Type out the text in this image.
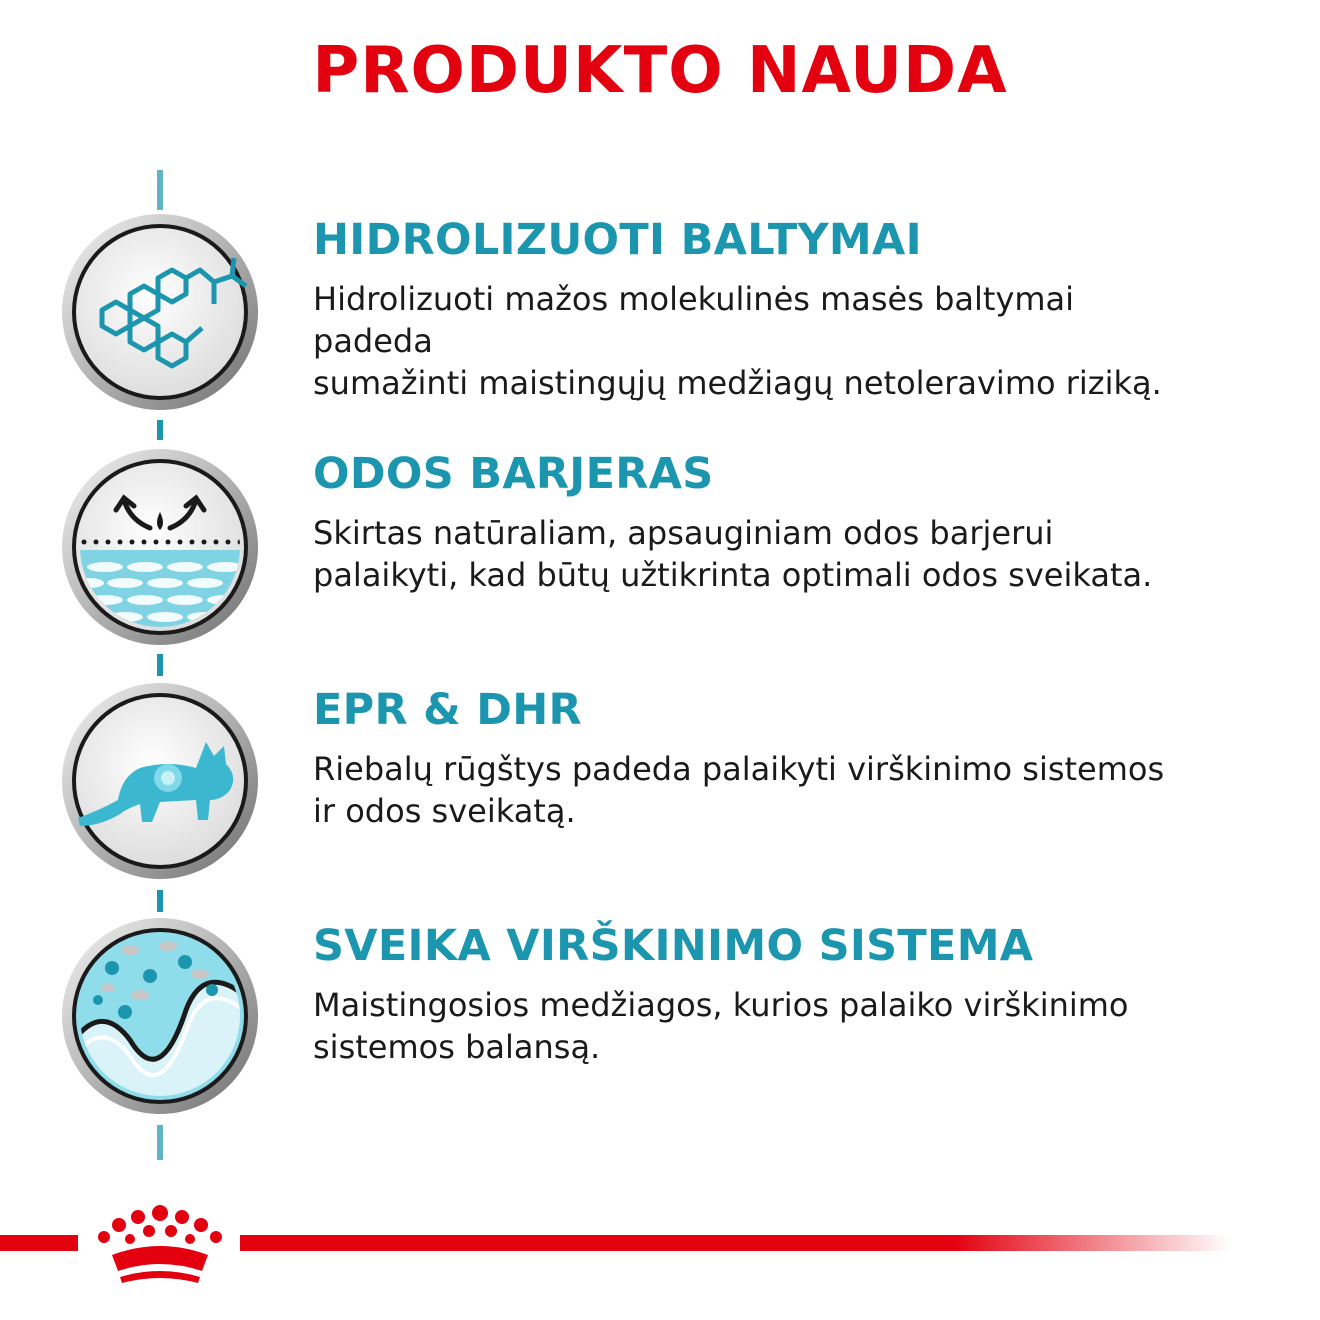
PRODUKTO NAUDA
HIDROLIZUOTI BALTYMAI

Hidrolizuoti mažos molekulinės masės baltymai
padeda
sumažinti maistingųjų medžiagų netoleravimo riziką.

ODOS BARJERAS

Skirtas natūraliam, apsauginiam odos barjerui
palaikyti, kad būtų užtikrinta optimali odos sveikata.

EPR & DHR

Riebalų rūgštys padeda palaikyti virškinimo sistemos
ir odos sveikatą.

SVEIKA VIRŠKINIMO SISTEMA

Maistingosios medžiagos, kurios palaiko virškinimo
sistemos balansą.
